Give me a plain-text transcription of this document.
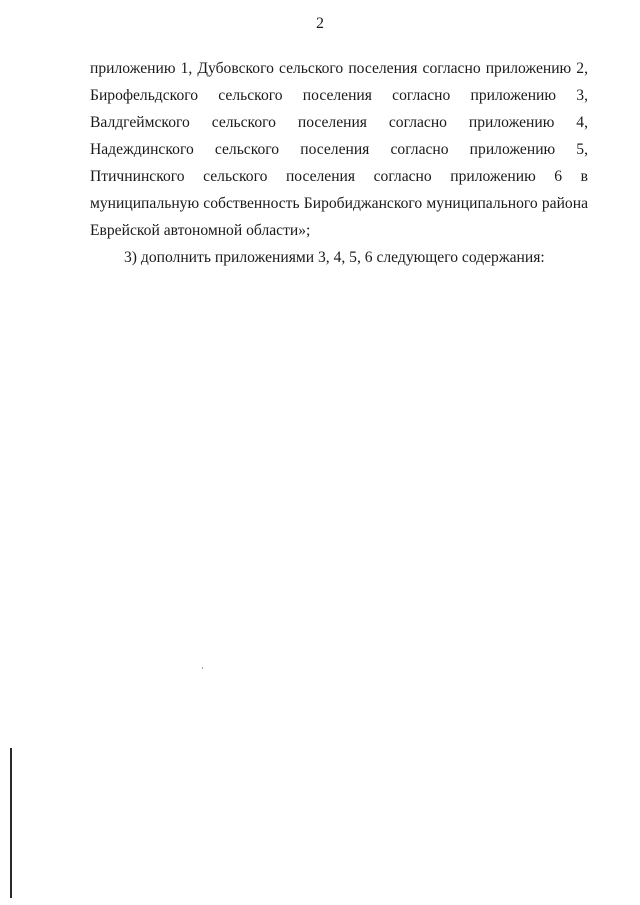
2

приложению 1, Дубовского сельского поселения согласно приложению 2, Бирофельдского сельского поселения согласно приложению 3, Валдгеймского сельского поселения согласно приложению 4, Надеждинского сельского поселения согласно приложению 5, Птичнинского сельского поселения согласно приложению 6 в муниципальную собственность Биробиджанского муниципального района Еврейской автономной области»;

3) дополнить приложениями 3, 4, 5, 6 следующего содержания:
